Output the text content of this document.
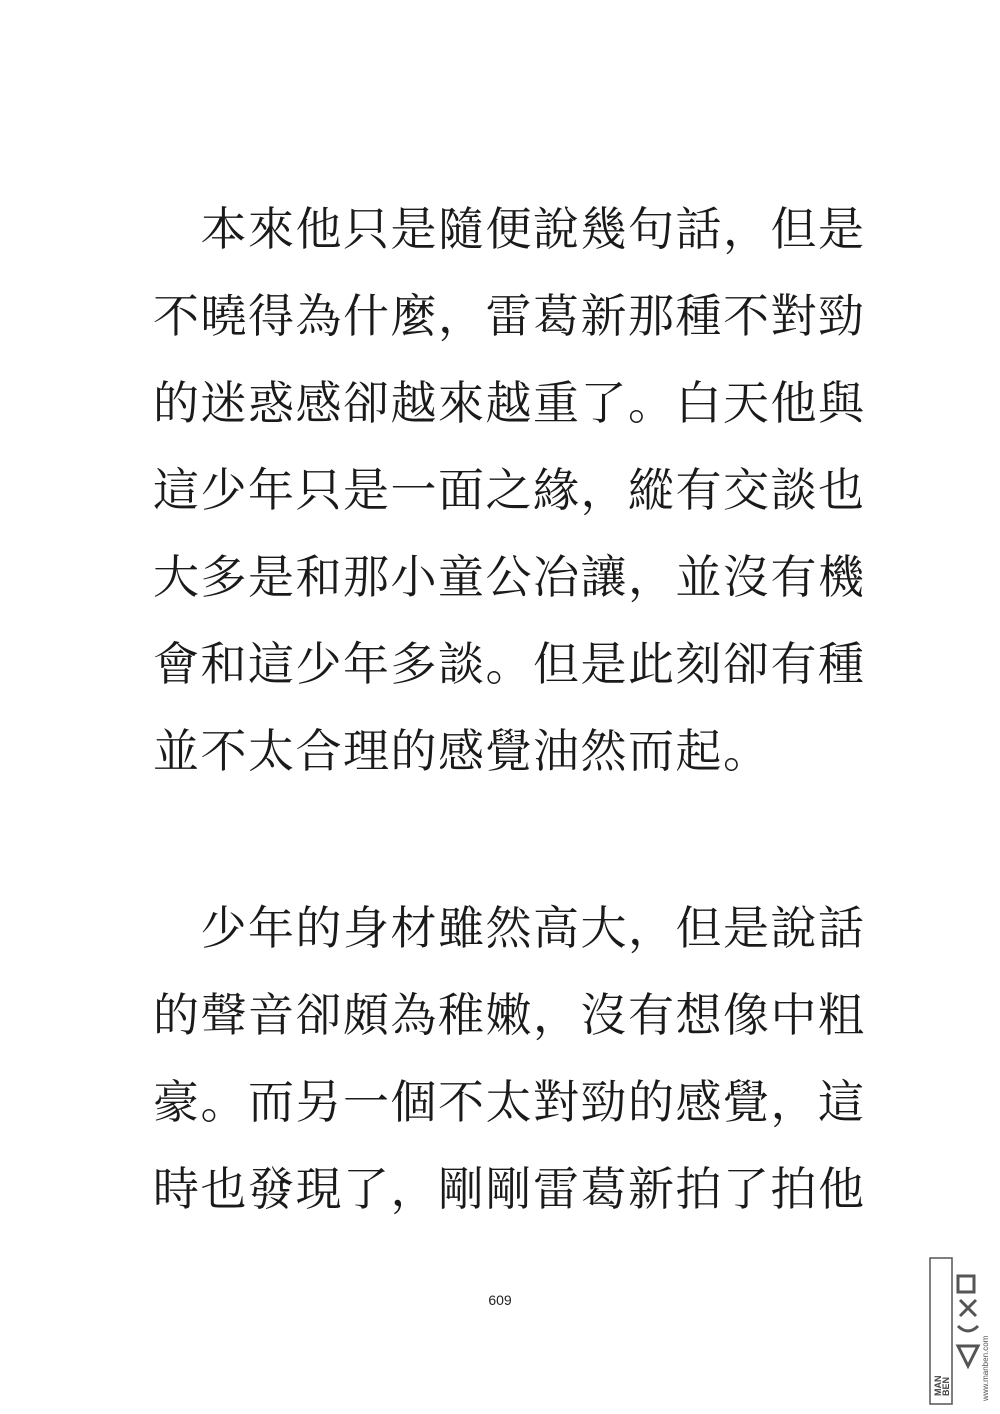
　本來他只是隨便說幾句話，但是
不曉得為什麼，雷葛新那種不對勁
的迷惑感卻越來越重了。白天他與
這少年只是一面之緣，縱有交談也
大多是和那小童公冶讓，並沒有機
會和這少年多談。但是此刻卻有種
並不太合理的感覺油然而起。
　少年的身材雖然高大，但是說話
的聲音卻頗為稚嫩，沒有想像中粗
豪。而另一個不太對勁的感覺，這
時也發現了，剛剛雷葛新拍了拍他
609
MAN
BEN	www.manben.com
